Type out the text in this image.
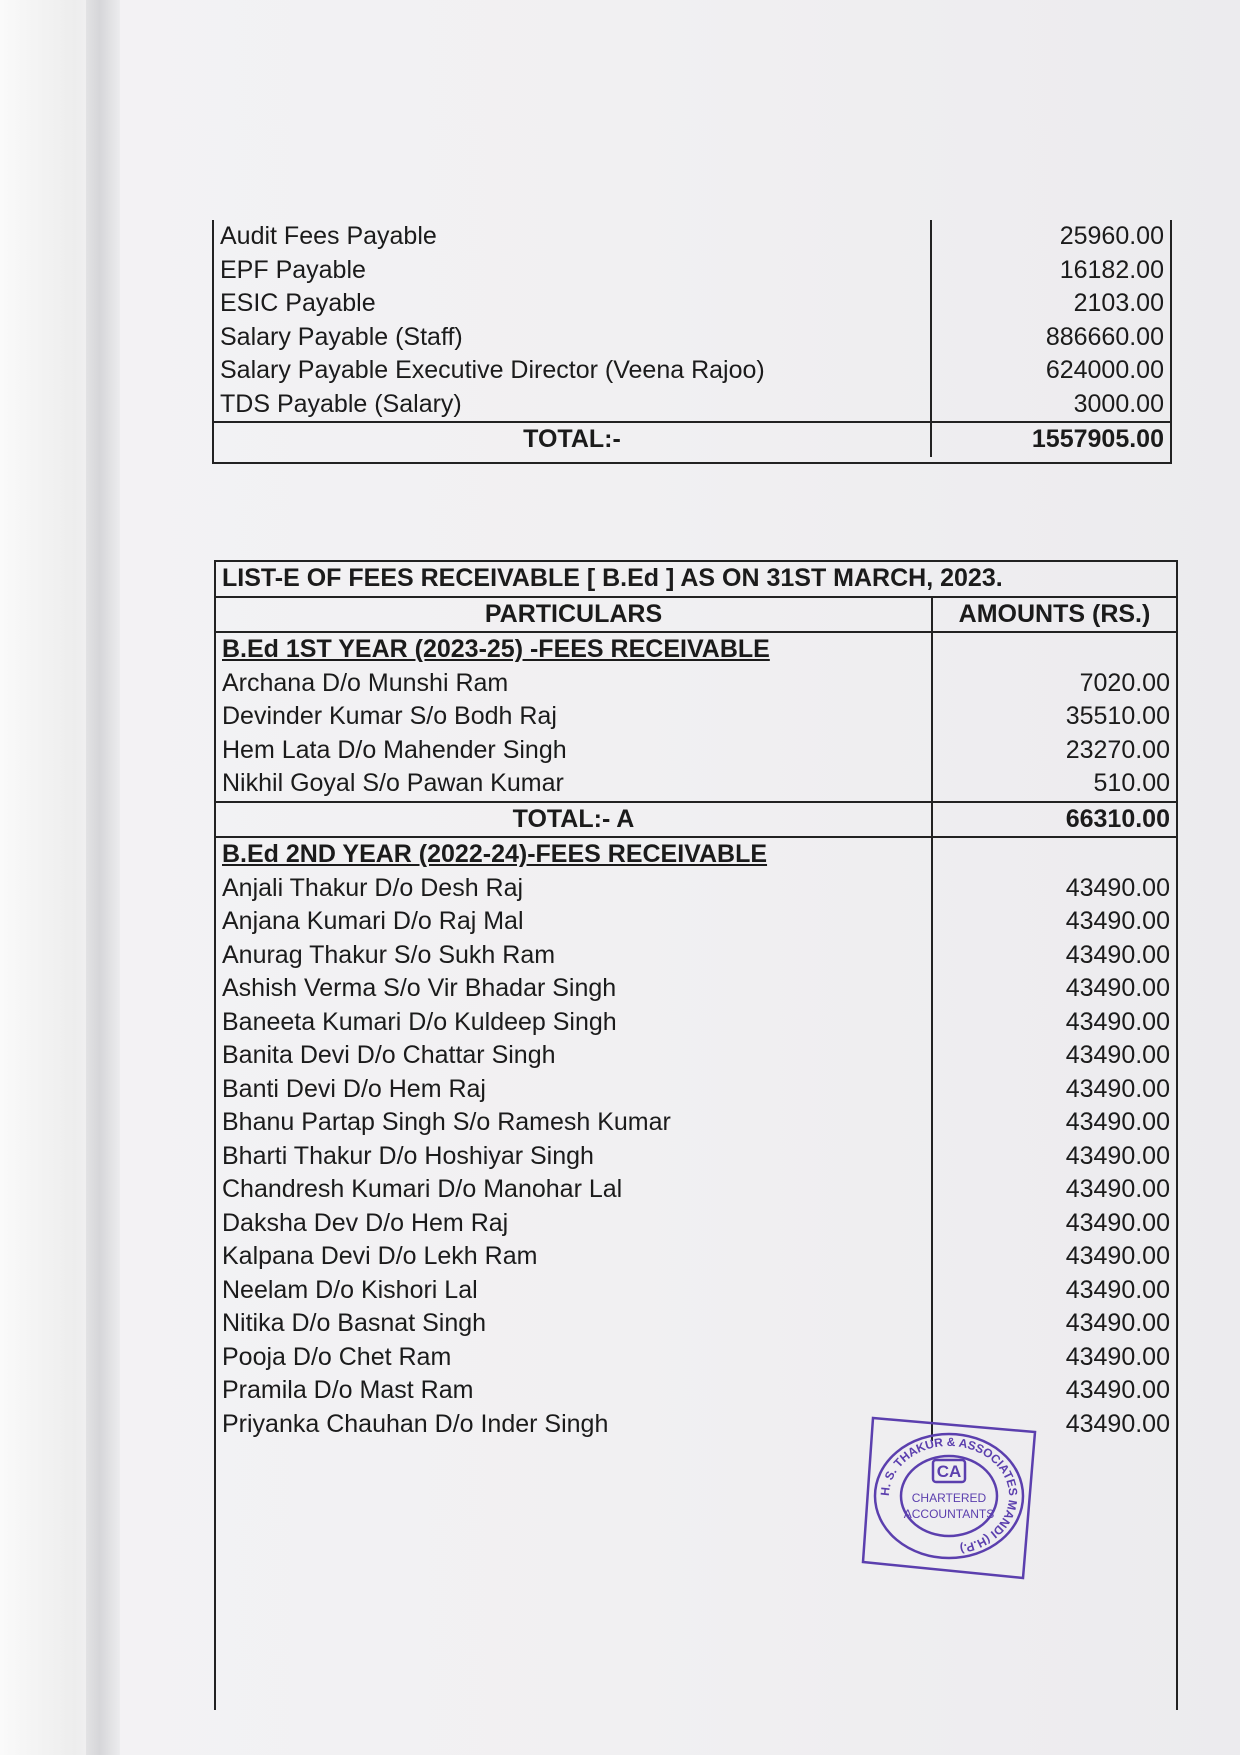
Audit Fees Payable	25960.00
EPF Payable	16182.00
ESIC Payable	2103.00
Salary Payable (Staff)	886660.00
Salary Payable Executive Director (Veena Rajoo)	624000.00
TDS Payable (Salary)	3000.00
TOTAL:-	1557905.00
LIST-E OF FEES RECEIVABLE [ B.Ed ] AS ON 31ST MARCH, 2023.	
PARTICULARS	AMOUNTS (RS.)
B.Ed 1ST YEAR (2023-25) -FEES RECEIVABLE	
Archana D/o Munshi Ram	7020.00
Devinder Kumar S/o Bodh Raj	35510.00
Hem Lata D/o Mahender Singh	23270.00
Nikhil Goyal S/o Pawan Kumar	510.00
TOTAL:- A	66310.00
B.Ed 2ND YEAR (2022-24)-FEES RECEIVABLE	
Anjali Thakur D/o Desh Raj	43490.00
Anjana Kumari D/o Raj Mal	43490.00
Anurag Thakur S/o Sukh Ram	43490.00
Ashish Verma S/o Vir Bhadar Singh	43490.00
Baneeta Kumari D/o Kuldeep Singh	43490.00
Banita Devi D/o Chattar Singh	43490.00
Banti Devi D/o Hem Raj	43490.00
Bhanu Partap Singh S/o Ramesh Kumar	43490.00
Bharti Thakur D/o Hoshiyar Singh	43490.00
Chandresh Kumari D/o Manohar Lal	43490.00
Daksha Dev D/o Hem Raj	43490.00
Kalpana Devi D/o Lekh Ram	43490.00
Neelam D/o Kishori Lal	43490.00
Nitika D/o Basnat Singh	43490.00
Pooja D/o Chet Ram	43490.00
Pramila D/o Mast Ram	43490.00
Priyanka Chauhan D/o Inder Singh	43490.00
CA
CHARTERED
ACCOUNTANTS
H. S. THAKUR & ASSOCIATES MANDI (H.P.)
